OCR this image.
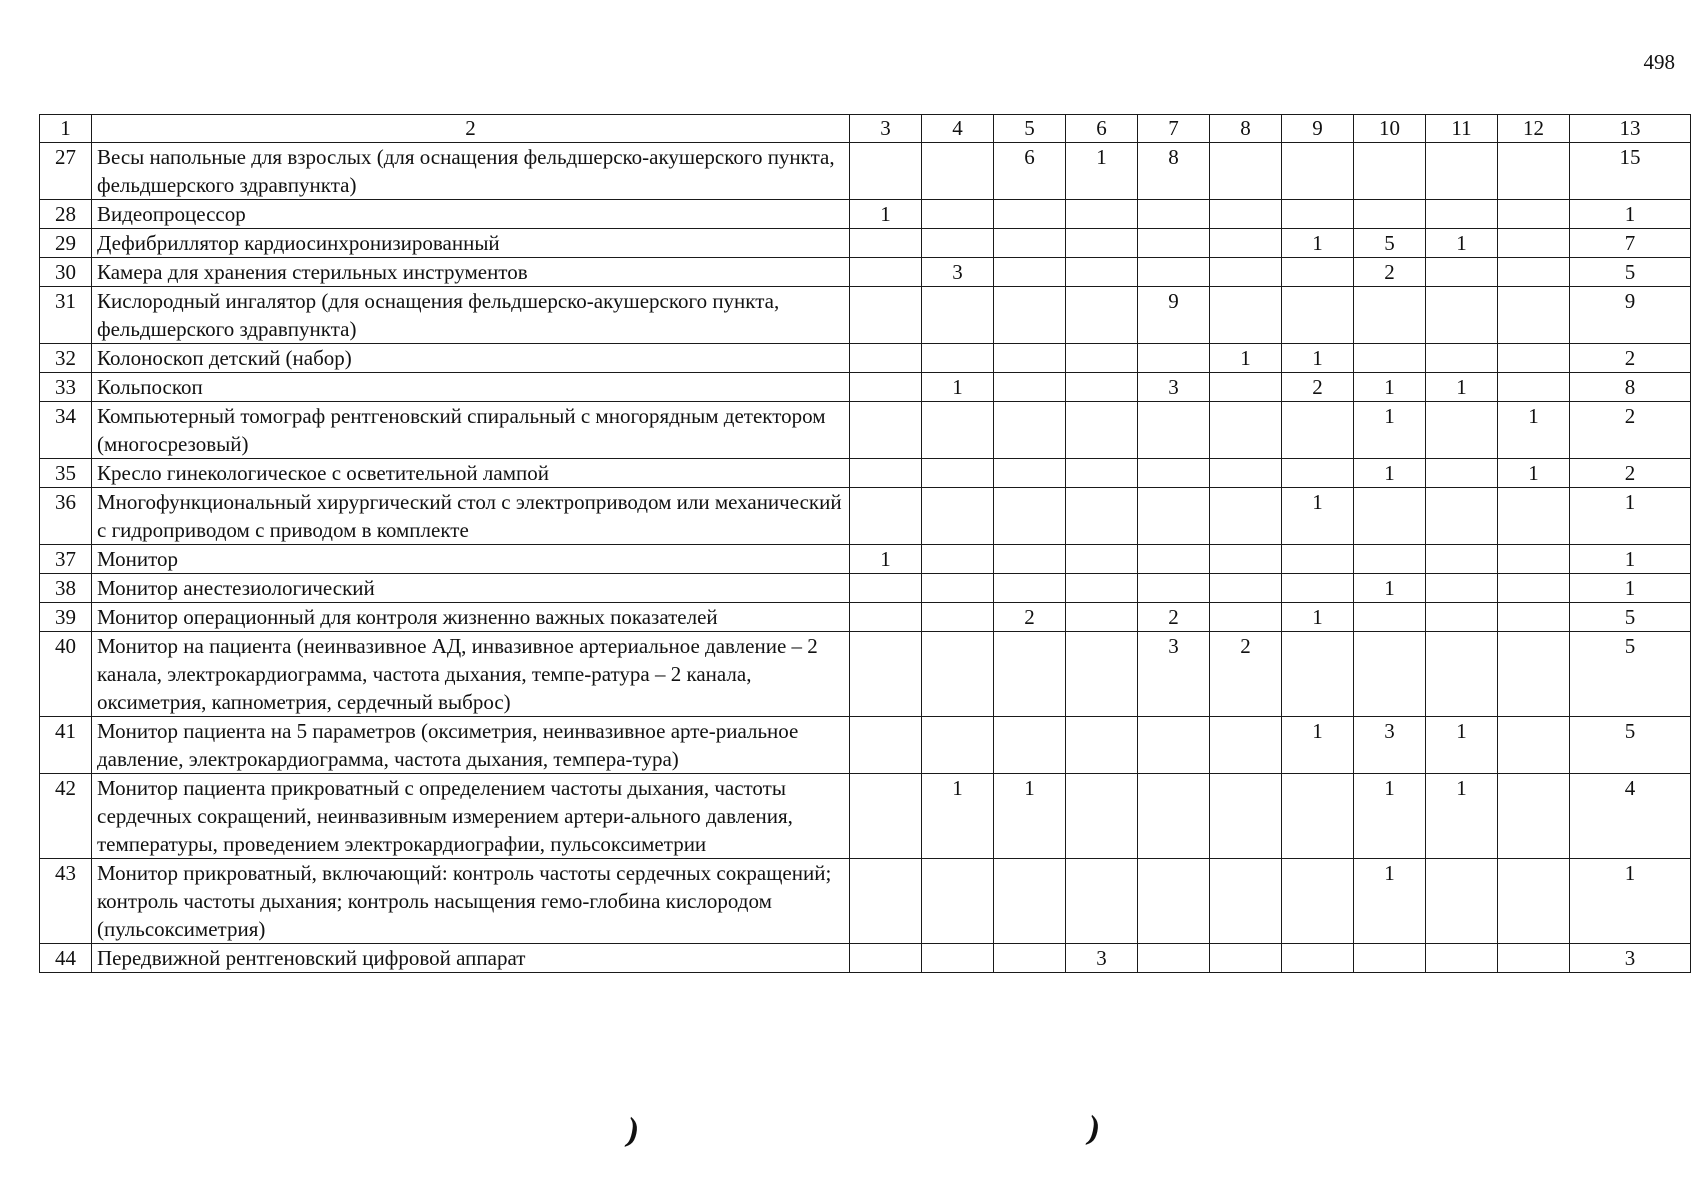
498
1	2	3	4	5	6	7	8	9	10	11	12	13
27	Весы напольные для взрослых (для оснащения фельдшерско-акушерского пункта, фельдшерского здравпункта)			6	1	8						15
28	Видеопроцессор	1										1
29	Дефибриллятор кардиосинхронизированный							1	5	1		7
30	Камера для хранения стерильных инструментов		3						2			5
31	Кислородный ингалятор (для оснащения фельдшерско-акушерского пункта, фельдшерского здравпункта)					9						9
32	Колоноскоп детский (набор)						1	1				2
33	Кольпоскоп		1			3		2	1	1		8
34	Компьютерный томограф рентгеновский спиральный с многорядным детектором (многосрезовый)								1		1	2
35	Кресло гинекологическое с осветительной лампой								1		1	2
36	Многофункциональный хирургический стол с электроприводом или механический с гидроприводом с приводом в комплекте							1				1
37	Монитор	1										1
38	Монитор анестезиологический								1			1
39	Монитор операционный для контроля жизненно важных показателей			2		2		1				5
40	Монитор на пациента (неинвазивное АД, инвазивное артериальное давление – 2 канала, электрокардиограмма, частота дыхания, темпе-ратура – 2 канала, оксиметрия, капнометрия, сердечный выброс)					3	2					5
41	Монитор пациента на 5 параметров (оксиметрия, неинвазивное арте-риальное давление, электрокардиограмма, частота дыхания, темпера-тура)							1	3	1		5
42	Монитор пациента прикроватный с определением частоты дыхания, частоты сердечных сокращений, неинвазивным измерением артери-ального давления, температуры, проведением электрокардиографии, пульсоксиметрии		1	1					1	1		4
43	Монитор прикроватный, включающий: контроль частоты сердечных сокращений; контроль частоты дыхания; контроль насыщения гемо-глобина кислородом (пульсоксиметрия)								1			1
44	Передвижной рентгеновский цифровой аппарат				3							3
)	)
